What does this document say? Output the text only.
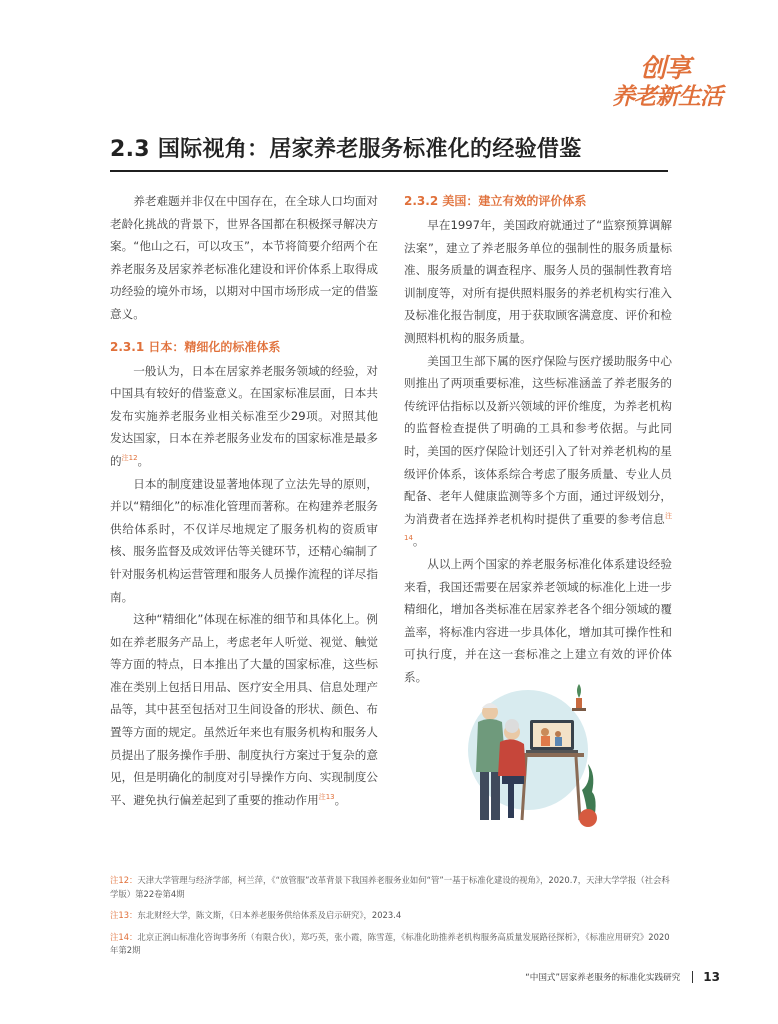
创享
养老新生活
2.3 国际视角：居家养老服务标准化的经验借鉴

养老难题并非仅在中国存在，在全球人口均面对老龄化挑战的背景下，世界各国都在积极探寻解决方案。“他山之石，可以攻玉”，本节将简要介绍两个在养老服务及居家养老标准化建设和评价体系上取得成功经验的境外市场，以期对中国市场形成一定的借鉴意义。

2.3.1 日本：精细化的标准体系

一般认为，日本在居家养老服务领域的经验，对中国具有较好的借鉴意义。在国家标准层面，日本共发布实施养老服务业相关标准至少29项。对照其他发达国家，日本在养老服务业发布的国家标准是最多的$^{注12}$。

日本的制度建设显著地体现了立法先导的原则，并以“精细化”的标准化管理而著称。在构建养老服务供给体系时，不仅详尽地规定了服务机构的资质审核、服务监督及成效评估等关键环节，还精心编制了针对服务机构运营管理和服务人员操作流程的详尽指南。

这种“精细化”体现在标准的细节和具体化上。例如在养老服务产品上，考虑老年人听觉、视觉、触觉等方面的特点，日本推出了大量的国家标准，这些标准在类别上包括日用品、医疗安全用具、信息处理产品等，其中甚至包括对卫生间设备的形状、颜色、布置等方面的规定。虽然近年来也有服务机构和服务人员提出了服务操作手册、制度执行方案过于复杂的意见，但是明确化的制度对引导操作方向、实现制度公平、避免执行偏差起到了重要的推动作用$^{注13}$。

2.3.2 美国：建立有效的评价体系

早在1997年，美国政府就通过了“监察预算调解法案”，建立了养老服务单位的强制性的服务质量标准、服务质量的调查程序、服务人员的强制性教育培训制度等，对所有提供照料服务的养老机构实行准入及标准化报告制度，用于获取顾客满意度、评价和检测照料机构的服务质量。

美国卫生部下属的医疗保险与医疗援助服务中心则推出了两项重要标准，这些标准涵盖了养老服务的传统评估指标以及新兴领域的评价维度，为养老机构的监督检查提供了明确的工具和参考依据。与此同时，美国的医疗保险计划还引入了针对养老机构的星级评价体系，该体系综合考虑了服务质量、专业人员配备、老年人健康监测等多个方面，通过评级划分，为消费者在选择养老机构时提供了重要的参考信息$^{注14}$。

从以上两个国家的养老服务标准化体系建设经验来看，我国还需要在居家养老领域的标准化上进一步精细化，增加各类标准在居家养老各个细分领域的覆盖率，将标准内容进一步具体化，增加其可操作性和可执行度，并在这一套标准之上建立有效的评价体系。

注12：天津大学管理与经济学部，柯兰萍，《“放管服”改革背景下我国养老服务业如何“管”一基于标准化建设的视角》，2020.7，天津大学学报（社会科学版）第22卷第4期
注13：东北财经大学，陈文斯，《日本养老服务供给体系及启示研究》，2023.4
注14：北京正润山标准化咨询事务所（有限合伙），郑巧英，张小霞，陈雪莲，《标准化助推养老机构服务高质量发展路径探析》，《标准应用研究》2020年第2期
“中国式”居家养老服务的标准化实践研究 13
